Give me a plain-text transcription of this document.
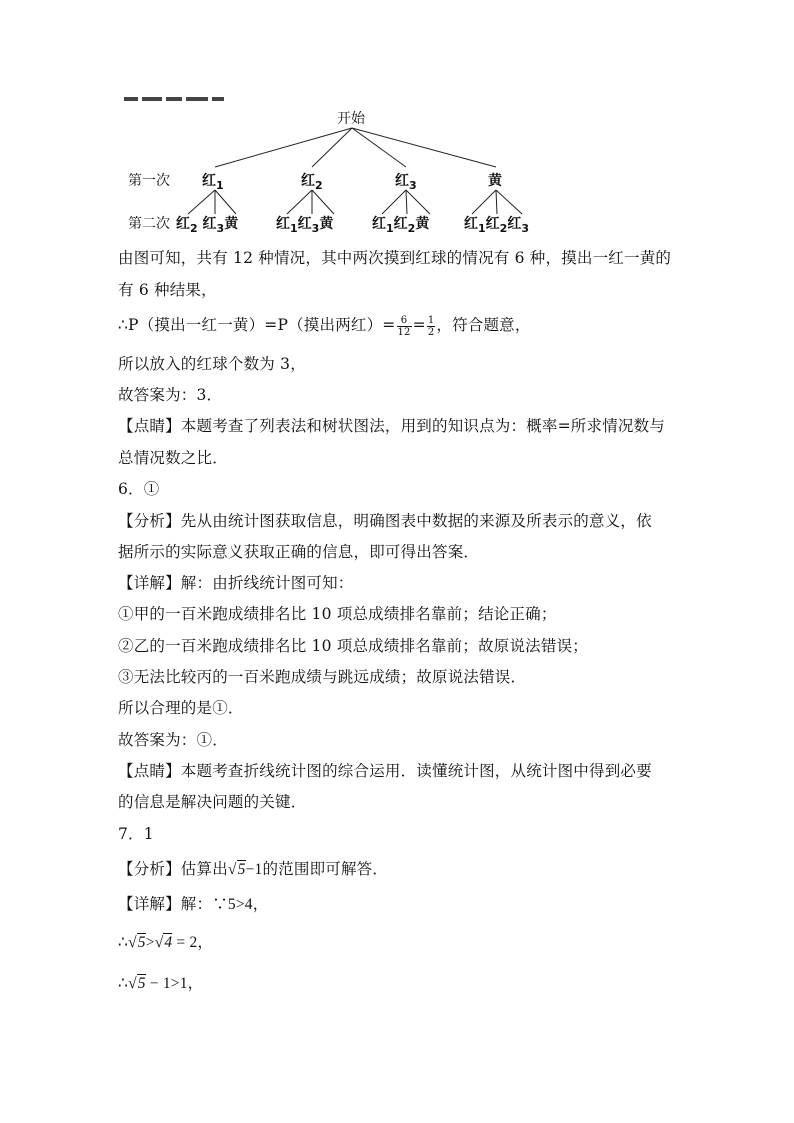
开始
第一次
第二次
红$_1$	红$_2$	红$_3$	黄
红$_2$ 红$_3$黄	红$_1$红$_3$黄	红$_1$红$_2$黄 红$_1$红$_2$红$_3$
由图可知，共有 12 种情况，其中两次摸到红球的情况有 6 种，摸出一红一黄的
有 6 种结果，
∴P（摸出一红一黄）=P（摸出两红）= $\frac{6}{12} = \frac{1}{2}$ ，符合题意，
所以放入的红球个数为 3，
故答案为：3．
【点睛】本题考查了列表法和树状图法，用到的知识点为：概率=所求情况数与
总情况数之比．
6．①
【分析】先从由统计图获取信息，明确图表中数据的来源及所表示的意义，依
据所示的实际意义获取正确的信息，即可得出答案．
【详解】解：由折线统计图可知：
①甲的一百米跑成绩排名比 10 项总成绩排名靠前；结论正确；
②乙的一百米跑成绩排名比 10 项总成绩排名靠前；故原说法错误；
③无法比较丙的一百米跑成绩与跳远成绩；故原说法错误．
所以合理的是①．
故答案为：①．
【点睛】本题考查折线统计图的综合运用．读懂统计图，从统计图中得到必要
的信息是解决问题的关键．
7．1
【分析】估算出√5−1的范围即可解答．
【详解】解：∵5>4，
∴√5>√4 = 2，
∴√5 − 1>1，
